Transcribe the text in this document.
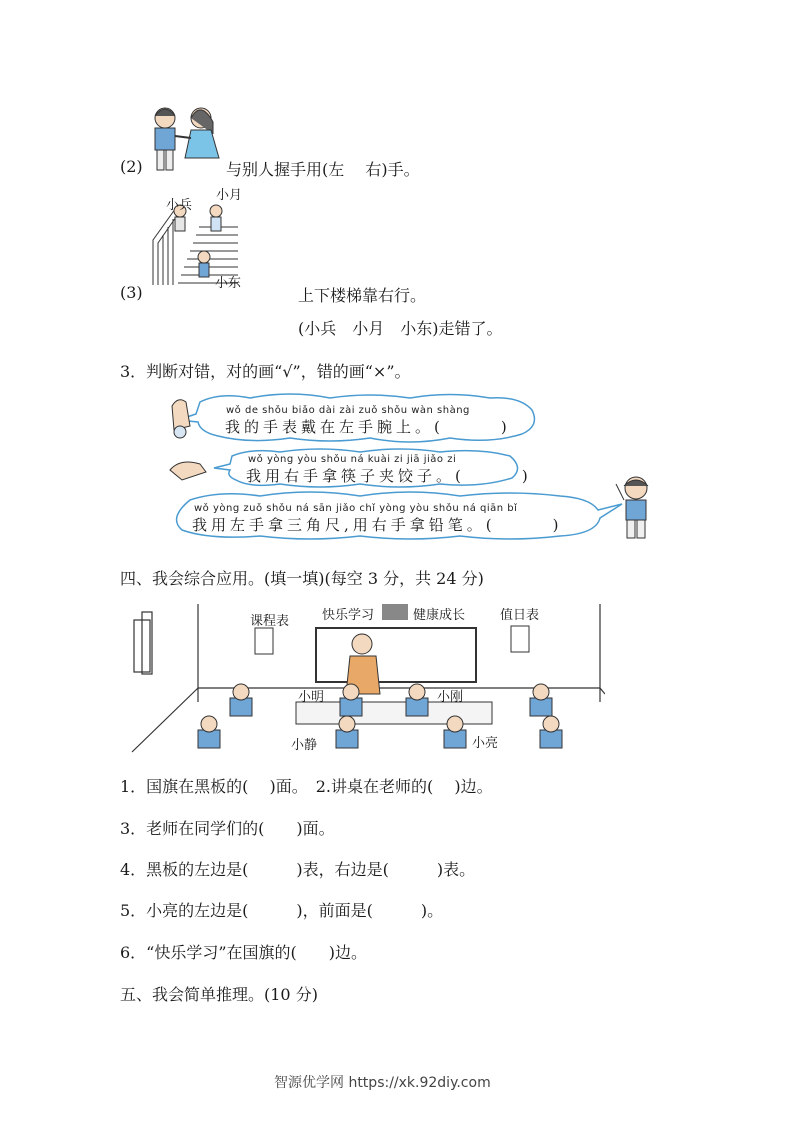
(2)	与别人握手用(左　 右)手。
小兵
小月
小东
(3)	上下楼梯靠右行。
(小兵　小月　小东)走错了。
3．判断对错，对的画“√”，错的画“×”。
wǒ de shǒu biǎo dài zài zuǒ shǒu wàn shàng
我的手表戴在左手腕上。(　　　)
wǒ yòng yòu shǒu ná kuài zi jiā jiǎo zi
我用右手拿筷子夹饺子。(　　　)
wǒ yòng zuǒ shǒu ná sān jiǎo chǐ yòng yòu shǒu ná qiān bǐ
我用左手拿三角尺,用右手拿铅笔。(　　　)
四、我会综合应用。(填一填)(每空 3 分，共 24 分)
课程表	快乐学习	健康成长	值日表
小明	小刚
小静	小亮
1．国旗在黑板的(　 )面。　2.讲桌在老师的(　 )边。
3．老师在同学们的(　　)面。
4．黑板的左边是(　　　)表，右边是(　　　)表。
5．小亮的左边是(　　　)，前面是(　　　)。
6．“快乐学习”在国旗的(　　)边。
五、我会简单推理。(10 分)
智源优学网 https://xk.92diy.com
